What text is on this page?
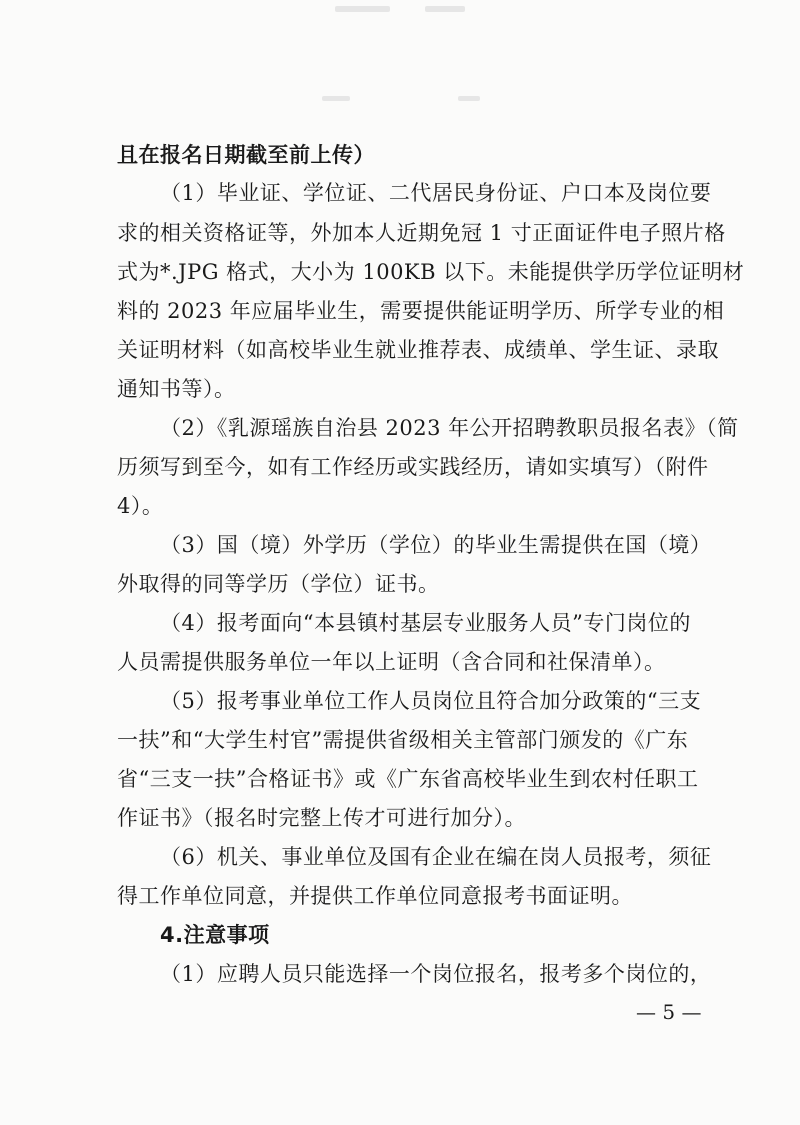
且在报名日期截至前上传）
（1）毕业证、学位证、二代居民身份证、户口本及岗位要
求的相关资格证等，外加本人近期免冠 1 寸正面证件电子照片格
式为*.JPG 格式，大小为 100KB 以下。未能提供学历学位证明材
料的 2023 年应届毕业生，需要提供能证明学历、所学专业的相
关证明材料（如高校毕业生就业推荐表、成绩单、学生证、录取
通知书等）。
（2）《乳源瑶族自治县 2023 年公开招聘教职员报名表》（简
历须写到至今，如有工作经历或实践经历，请如实填写）（附件
4）。
（3）国（境）外学历（学位）的毕业生需提供在国（境）
外取得的同等学历（学位）证书。
（4）报考面向“本县镇村基层专业服务人员”专门岗位的
人员需提供服务单位一年以上证明（含合同和社保清单）。
（5）报考事业单位工作人员岗位且符合加分政策的“三支
一扶”和“大学生村官”需提供省级相关主管部门颁发的《广东
省“三支一扶”合格证书》或《广东省高校毕业生到农村任职工
作证书》（报名时完整上传才可进行加分）。
（6）机关、事业单位及国有企业在编在岗人员报考，须征
得工作单位同意，并提供工作单位同意报考书面证明。
4.注意事项
（1）应聘人员只能选择一个岗位报名，报考多个岗位的，
— 5 —
